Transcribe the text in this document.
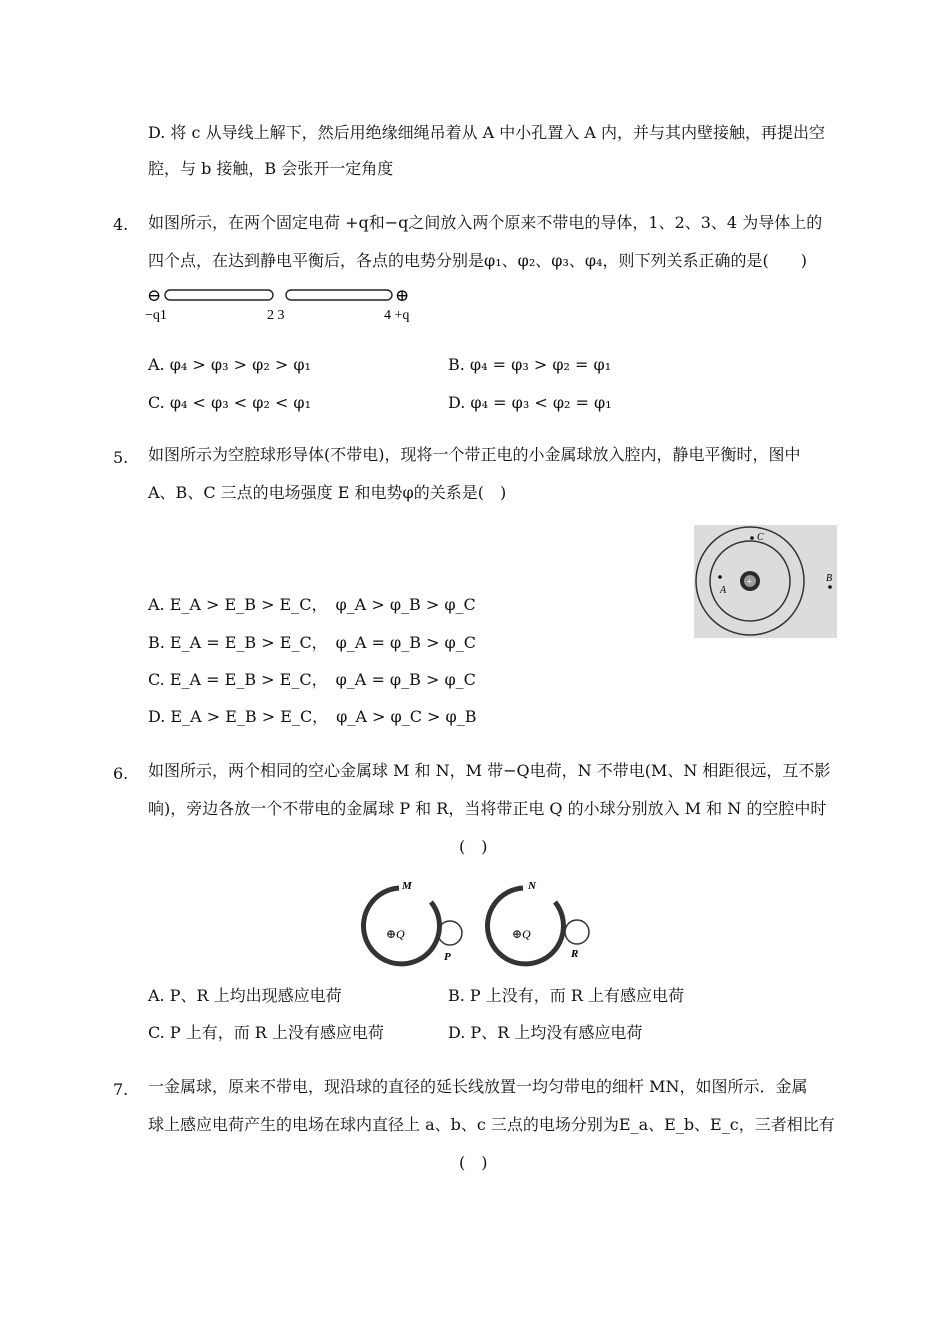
D. 将 c 从导线上解下，然后用绝缘细绳吊着从 A 中小孔置入 A 内，并与其内壁接触，再提出空
腔，与 b 接触，B 会张开一定角度
4. 如图所示，在两个固定电荷 +q和−q之间放入两个原来不带电的导体，1、2、3、4 为导体上的
四个点，在达到静电平衡后，各点的电势分别是φ₁、φ₂、φ₃、φ₄，则下列关系正确的是(　　)
⊖	⊕
−q1	2 3	4 +q
A. φ₄ > φ₃ > φ₂ > φ₁	B. φ₄ = φ₃ > φ₂ = φ₁
C. φ₄ < φ₃ < φ₂ < φ₁	D. φ₄ = φ₃ < φ₂ = φ₁
5. 如图所示为空腔球形导体(不带电)，现将一个带正电的小金属球放入腔内，静电平衡时，图中
A、B、C 三点的电场强度 E 和电势φ的关系是(　)
+
A
C
B
A. E_A > E_B > E_C，　φ_A > φ_B > φ_C
B. E_A = E_B > E_C，　φ_A = φ_B > φ_C
C. E_A = E_B > E_C，　φ_A = φ_B > φ_C
D. E_A > E_B > E_C，　φ_A > φ_C > φ_B
6. 如图所示，两个相同的空心金属球 M 和 N，M 带−Q电荷，N 不带电(M、N 相距很远，互不影
响)，旁边各放一个不带电的金属球 P 和 R，当将带正电 Q 的小球分别放入 M 和 N 的空腔中时
(　)
M
⊕Q
P
N
⊕Q
R
A. P、R 上均出现感应电荷	B. P 上没有，而 R 上有感应电荷
C. P 上有，而 R 上没有感应电荷	D. P、R 上均没有感应电荷
7. 一金属球，原来不带电，现沿球的直径的延长线放置一均匀带电的细杆 MN，如图所示．金属
球上感应电荷产生的电场在球内直径上 a、b、c 三点的电场分别为E_a、E_b、E_c，三者相比有
(　)
